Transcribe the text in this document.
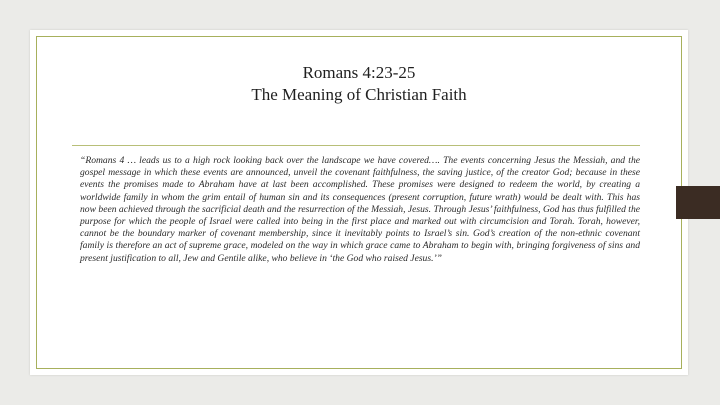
Romans 4:23-25
The Meaning of Christian Faith

“Romans 4 … leads us to a high rock looking back over the landscape we have covered…. The events concerning Jesus the Messiah, and the gospel message in which these events are announced, unveil the covenant faithfulness, the saving justice, of the creator God; because in these events the promises made to Abraham have at last been accomplished. These promises were designed to redeem the world, by creating a worldwide family in whom the grim entail of human sin and its consequences (present corruption, future wrath) would be dealt with. This has now been achieved through the sacrificial death and the resurrection of the Messiah, Jesus. Through Jesus’ faithfulness, God has thus fulfilled the purpose for which the people of Israel were called into being in the first place and marked out with circumcision and Torah. Torah, however, cannot be the boundary marker of covenant membership, since it inevitably points to Israel’s sin. God’s creation of the non-ethnic covenant family is therefore an act of supreme grace, modeled on the way in which grace came to Abraham to begin with, bringing forgiveness of sins and present justification to all, Jew and Gentile alike, who believe in ‘the God who raised Jesus.’”
